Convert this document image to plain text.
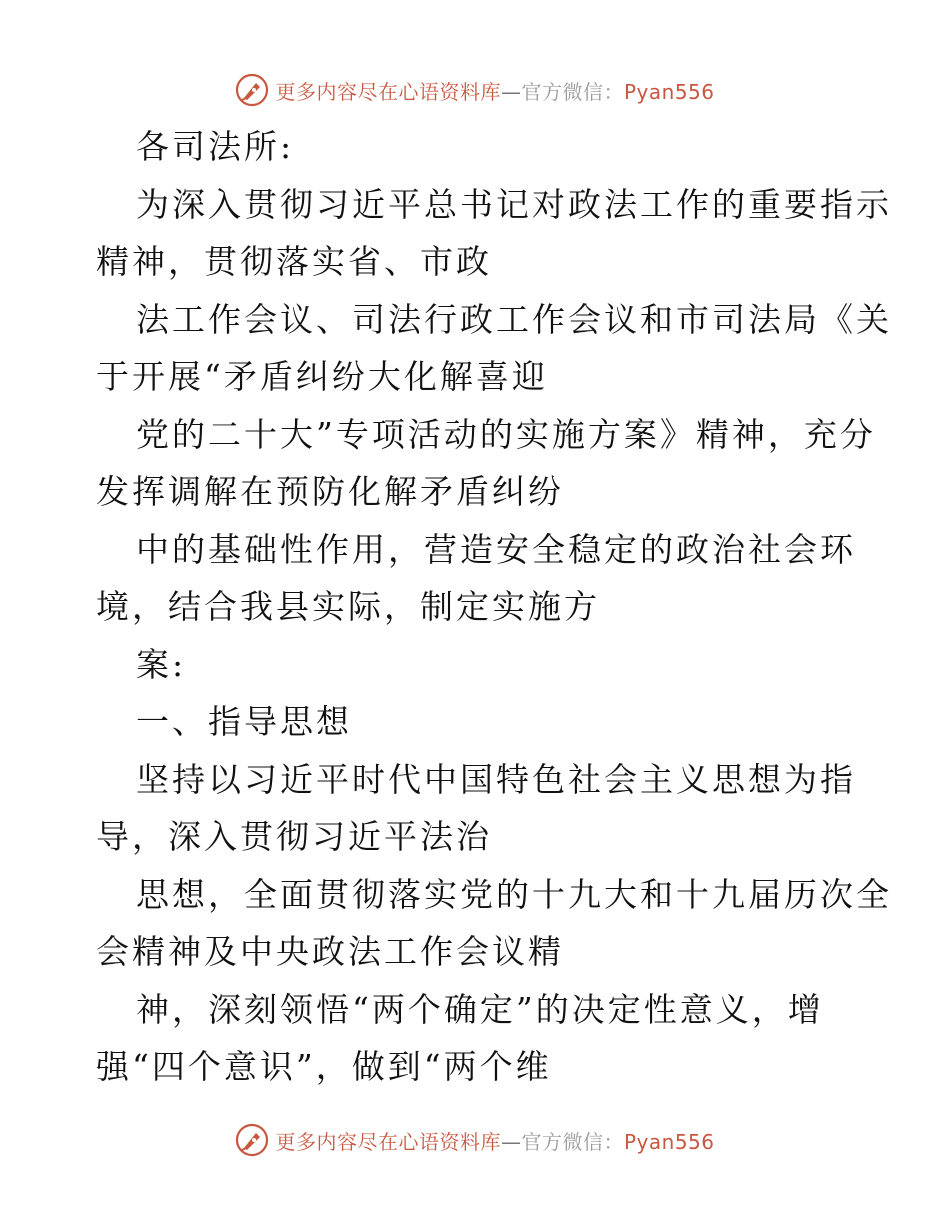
更多内容尽在心语资料库—官方微信：Pyan556
各司法所:
为深入贯彻习近平总书记对政法工作的重要指示
精神，贯彻落实省、市政
法工作会议、司法行政工作会议和市司法局《关
于开展“矛盾纠纷大化解喜迎
党的二十大”专项活动的实施方案》精神，充分
发挥调解在预防化解矛盾纠纷
中的基础性作用，营造安全稳定的政治社会环
境，结合我县实际，制定实施方
案:
一、指导思想
坚持以习近平时代中国特色社会主义思想为指
导，深入贯彻习近平法治
思想，全面贯彻落实党的十九大和十九届历次全
会精神及中央政法工作会议精
神，深刻领悟“两个确定”的决定性意义，增
强“四个意识”，做到“两个维
更多内容尽在心语资料库—官方微信：Pyan556
